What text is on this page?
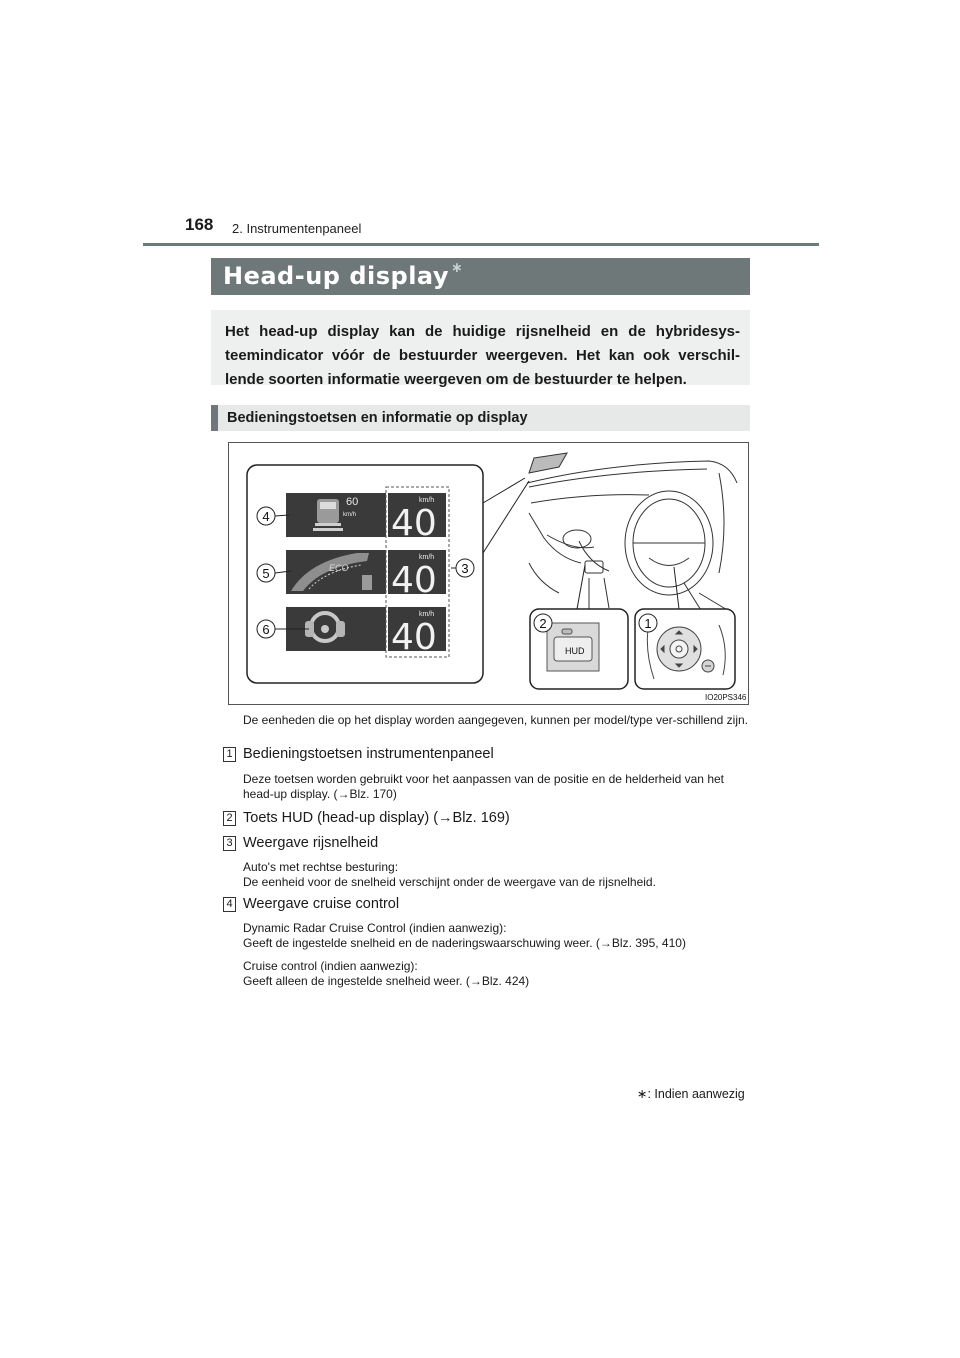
168 2. Instrumentenpaneel
Head-up display ∗
Het head-up display kan de huidige rijsnelheid en de hybridesys-teemindicator vóór de bestuurder weergeven. Het kan ook verschil-lende soorten informatie weergeven om de bestuurder te helpen.
Bedieningstoetsen en informatie op display
60
km/h
km/h
40
ECO
km/h
40
km/h
40
4
5
6
3
HUD
2	1
IO20PS346
De eenheden die op het display worden aangegeven, kunnen per model/type ver-schillend zijn.
1 Bedieningstoetsen instrumentenpaneel
Deze toetsen worden gebruikt voor het aanpassen van de positie en de helderheid van het head-up display. (→Blz. 170)
2 Toets HUD (head-up display) (→Blz. 169)
3 Weergave rijsnelheid
Auto's met rechtse besturing:
De eenheid voor de snelheid verschijnt onder de weergave van de rijsnelheid.
4 Weergave cruise control
Dynamic Radar Cruise Control (indien aanwezig):
Geeft de ingestelde snelheid en de naderingswaarschuwing weer. (→Blz. 395, 410)
Cruise control (indien aanwezig):
Geeft alleen de ingestelde snelheid weer. (→Blz. 424)
∗: Indien aanwezig
